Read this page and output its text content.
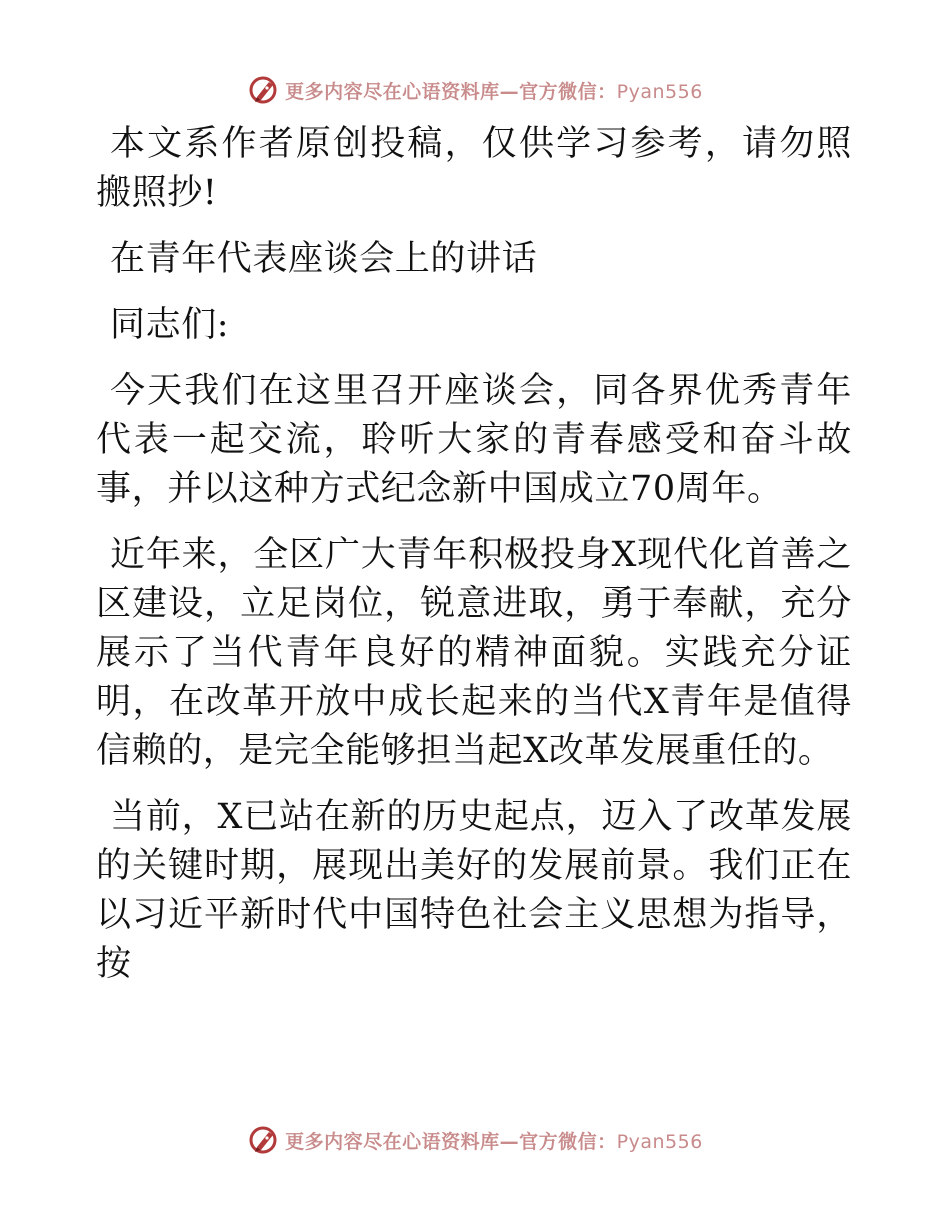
更多内容尽在心语资料库—官方微信：Pyan556

本文系作者原创投稿，仅供学习参考，请勿照搬照抄!

在青年代表座谈会上的讲话

同志们:

今天我们在这里召开座谈会，同各界优秀青年代表一起交流，聆听大家的青春感受和奋斗故事，并以这种方式纪念新中国成立70周年。

近年来，全区广大青年积极投身X现代化首善之区建设，立足岗位，锐意进取，勇于奉献，充分展示了当代青年良好的精神面貌。实践充分证明，在改革开放中成长起来的当代X青年是值得信赖的，是完全能够担当起X改革发展重任的。

当前，X已站在新的历史起点，迈入了改革发展的关键时期，展现出美好的发展前景。我们正在以习近平新时代中国特色社会主义思想为指导，按

更多内容尽在心语资料库—官方微信：Pyan556
